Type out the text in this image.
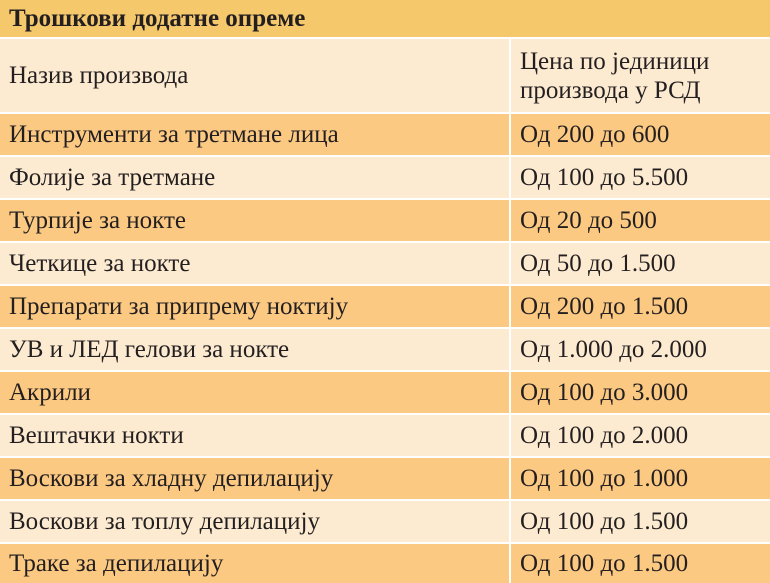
Трошкови додатне опреме
Назив производа	Цена по јединици производа у РСД
Инструменти за третмане лица	Од 200 до 600
Фолије за третмане	Од 100 до 5.500
Турпије за нокте	Од 20 до 500
Четкице за нокте	Од 50 до 1.500
Препарати за припрему ноктију	Од 200 до 1.500
УВ и ЛЕД гелови за нокте	Од 1.000 до 2.000
Акрили	Од 100 до 3.000
Вештачки нокти	Од 100 до 2.000
Воскови за хладну депилацију	Од 100 до 1.000
Воскови за топлу депилацију	Од 100 до 1.500
Траке за депилацију	Од 100 до 1.500
